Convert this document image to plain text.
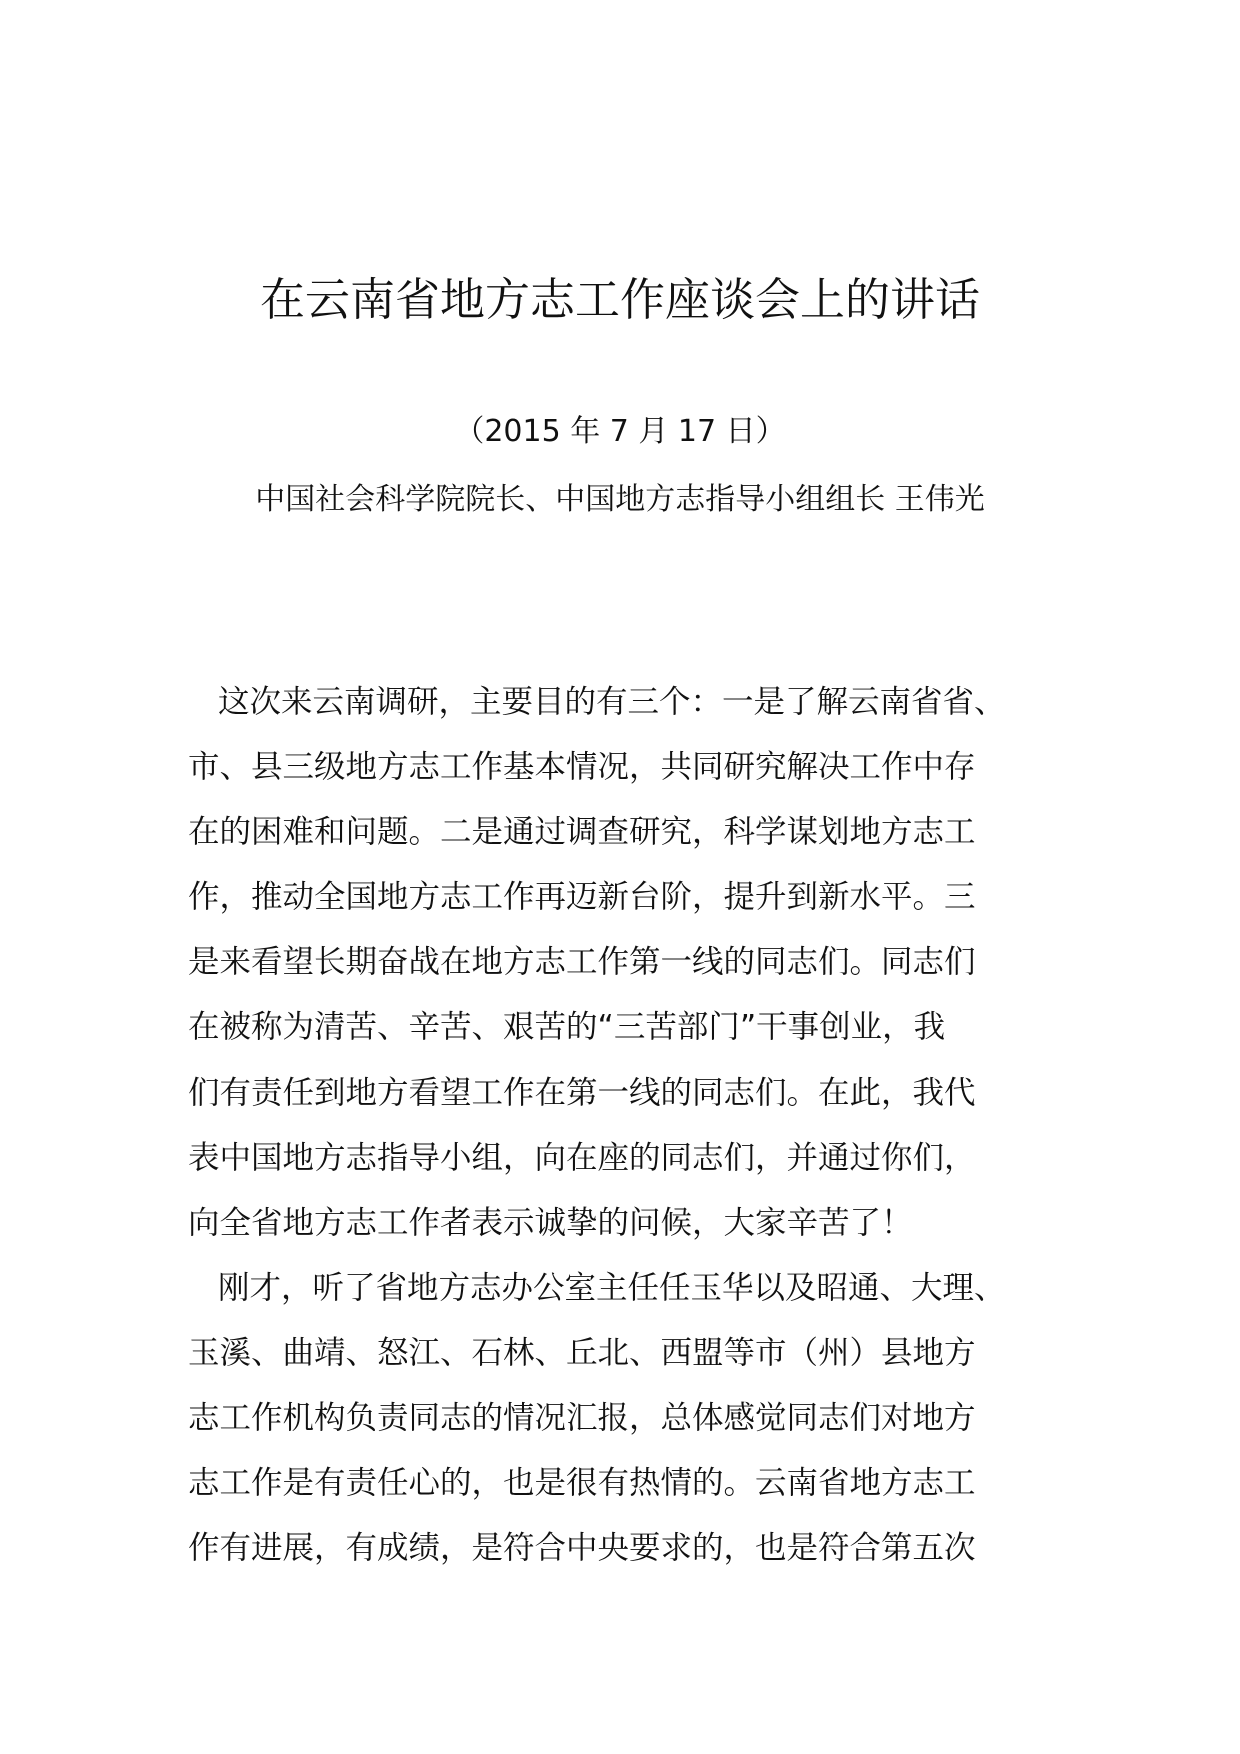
在云南省地方志工作座谈会上的讲话
（2015 年 7 月 17 日）
中国社会科学院院长、中国地方志指导小组组长 王伟光
这次来云南调研，主要目的有三个：一是了解云南省省、
市、县三级地方志工作基本情况，共同研究解决工作中存
在的困难和问题。二是通过调查研究，科学谋划地方志工
作，推动全国地方志工作再迈新台阶，提升到新水平。三
是来看望长期奋战在地方志工作第一线的同志们。同志们
在被称为清苦、辛苦、艰苦的“三苦部门”干事创业，我
们有责任到地方看望工作在第一线的同志们。在此，我代
表中国地方志指导小组，向在座的同志们，并通过你们，
向全省地方志工作者表示诚挚的问候，大家辛苦了！
刚才，听了省地方志办公室主任任玉华以及昭通、大理、
玉溪、曲靖、怒江、石林、丘北、西盟等市（州）县地方
志工作机构负责同志的情况汇报，总体感觉同志们对地方
志工作是有责任心的，也是很有热情的。云南省地方志工
作有进展，有成绩，是符合中央要求的，也是符合第五次
